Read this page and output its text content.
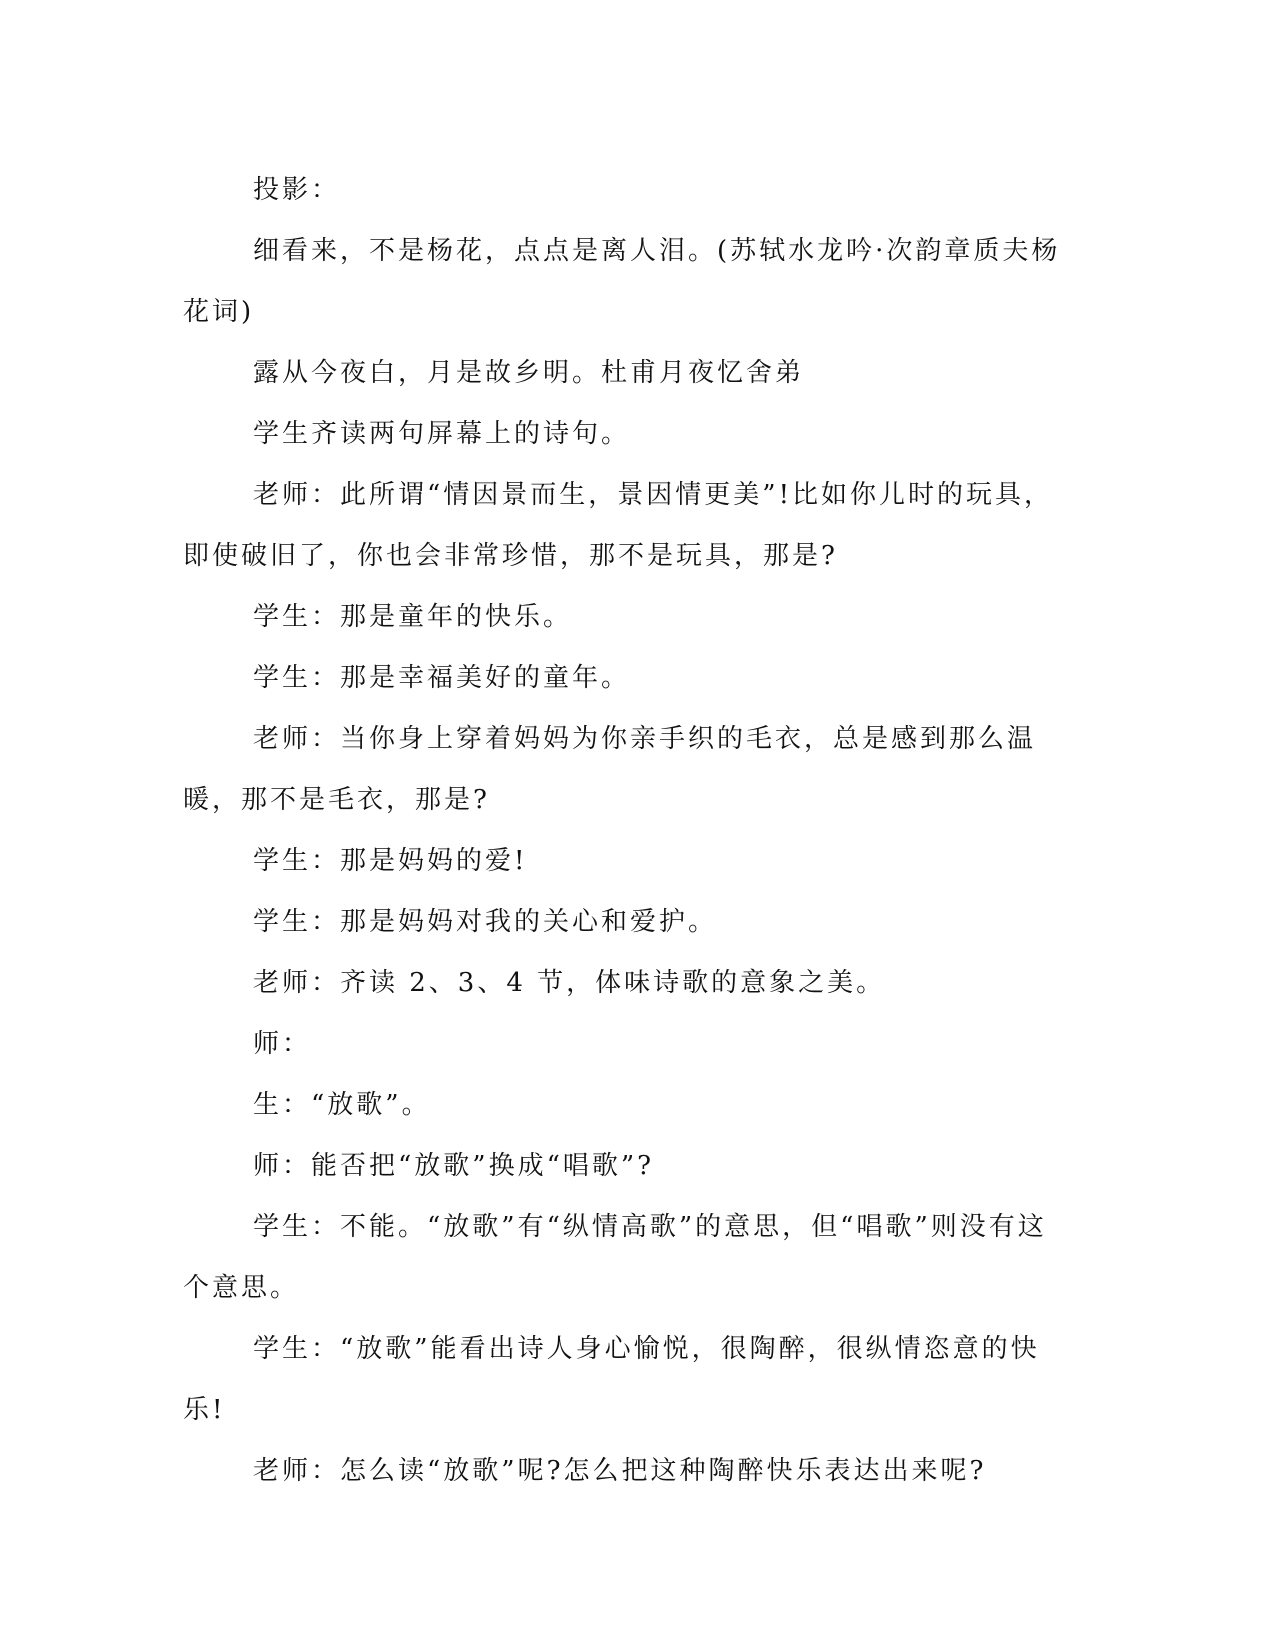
投影：

细看来，不是杨花，点点是离人泪。(苏轼水龙吟·次韵章质夫杨花词)

露从今夜白，月是故乡明。杜甫月夜忆舍弟

学生齐读两句屏幕上的诗句。

老师：此所谓“情因景而生，景因情更美”!比如你儿时的玩具，即使破旧了，你也会非常珍惜，那不是玩具，那是?

学生：那是童年的快乐。

学生：那是幸福美好的童年。

老师：当你身上穿着妈妈为你亲手织的毛衣，总是感到那么温暖，那不是毛衣，那是?

学生：那是妈妈的爱!

学生：那是妈妈对我的关心和爱护。

老师：齐读 2、3、4 节，体味诗歌的意象之美。

师：

生：“放歌”。

师：能否把“放歌”换成“唱歌”?

学生：不能。“放歌”有“纵情高歌”的意思，但“唱歌”则没有这个意思。

学生：“放歌”能看出诗人身心愉悦，很陶醉，很纵情恣意的快乐!

老师：怎么读“放歌”呢?怎么把这种陶醉快乐表达出来呢?
